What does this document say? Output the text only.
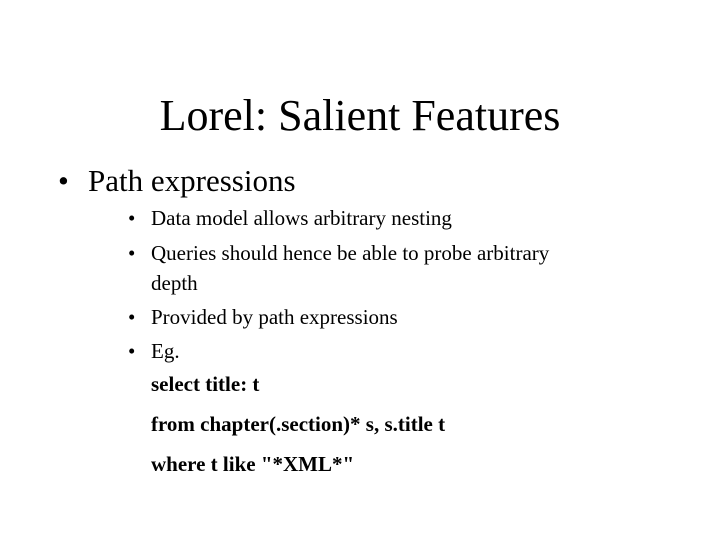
Lorel: Salient Features
• Path expressions
• Data model allows arbitrary nesting
• Queries should hence be able to probe arbitrary
depth
• Provided by path expressions
• Eg.
select title: t
from chapter(.section)* s, s.title t
where t like "*XML*"
